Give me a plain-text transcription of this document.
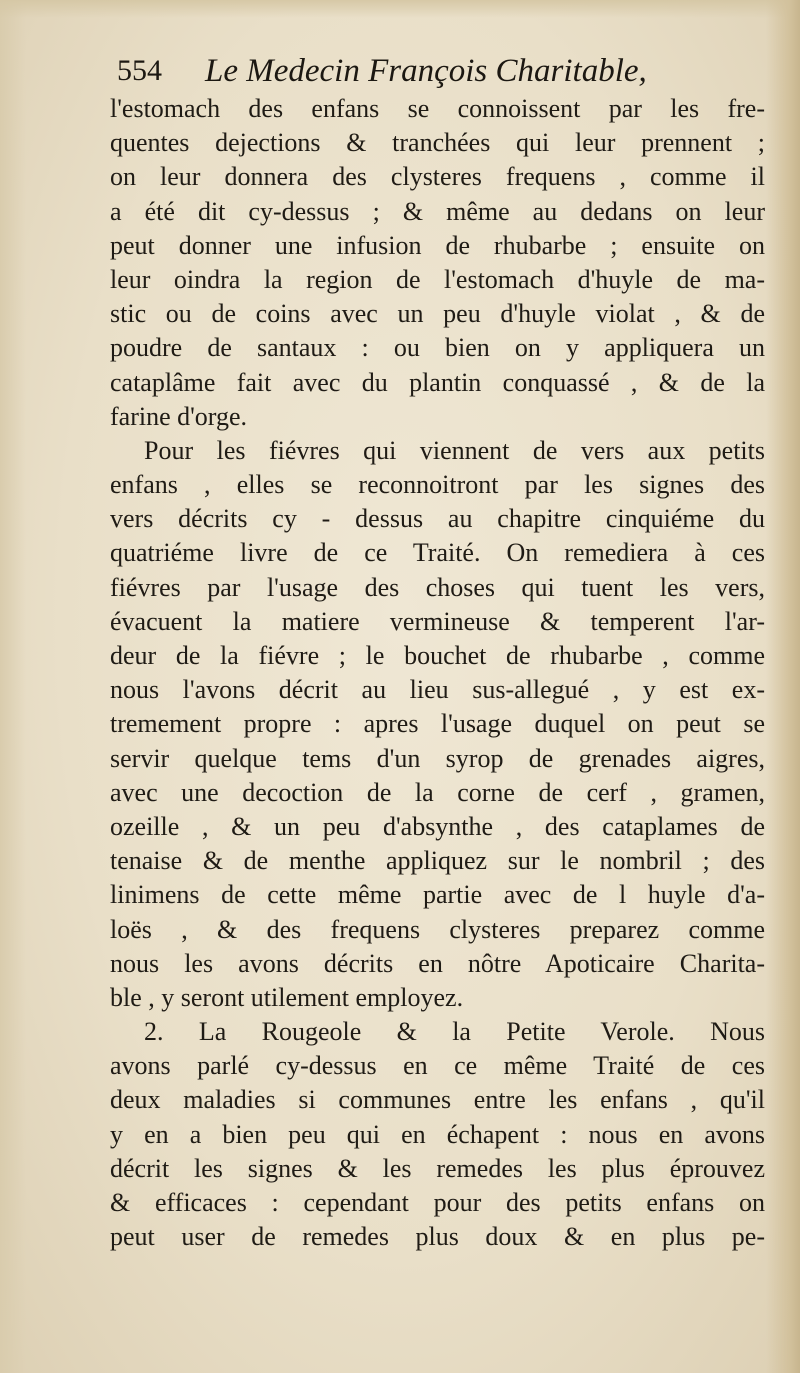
554 Le Medecin François Charitable,
l'estomach des enfans se connoissent par les fre-
quentes dejections & tranchées qui leur prennent ;
on leur donnera des clysteres frequens , comme il
a été dit cy-dessus ; & même au dedans on leur
peut donner une infusion de rhubarbe ; ensuite on
leur oindra la region de l'estomach d'huyle de ma-
stic ou de coins avec un peu d'huyle violat , & de
poudre de santaux : ou bien on y appliquera un
cataplâme fait avec du plantin conquassé , & de la
farine d'orge.
Pour les fiévres qui viennent de vers aux petits
enfans , elles se reconnoitront par les signes des
vers décrits cy - dessus au chapitre cinquiéme du
quatriéme livre de ce Traité. On remediera à ces
fiévres par l'usage des choses qui tuent les vers,
évacuent la matiere vermineuse & temperent l'ar-
deur de la fiévre ; le bouchet de rhubarbe , comme
nous l'avons décrit au lieu sus-allegué , y est ex-
tremement propre : apres l'usage duquel on peut se
servir quelque tems d'un syrop de grenades aigres,
avec une decoction de la corne de cerf , gramen,
ozeille , & un peu d'absynthe , des cataplames de
tenaise & de menthe appliquez sur le nombril ; des
linimens de cette même partie avec de l huyle d'a-
loës , & des frequens clysteres preparez comme
nous les avons décrits en nôtre Apoticaire Charita-
ble , y seront utilement employez.
2. La Rougeole & la Petite Verole. Nous
avons parlé cy-dessus en ce même Traité de ces
deux maladies si communes entre les enfans , qu'il
y en a bien peu qui en échapent : nous en avons
décrit les signes & les remedes les plus éprouvez
& efficaces : cependant pour des petits enfans on
peut user de remedes plus doux & en plus pe-
